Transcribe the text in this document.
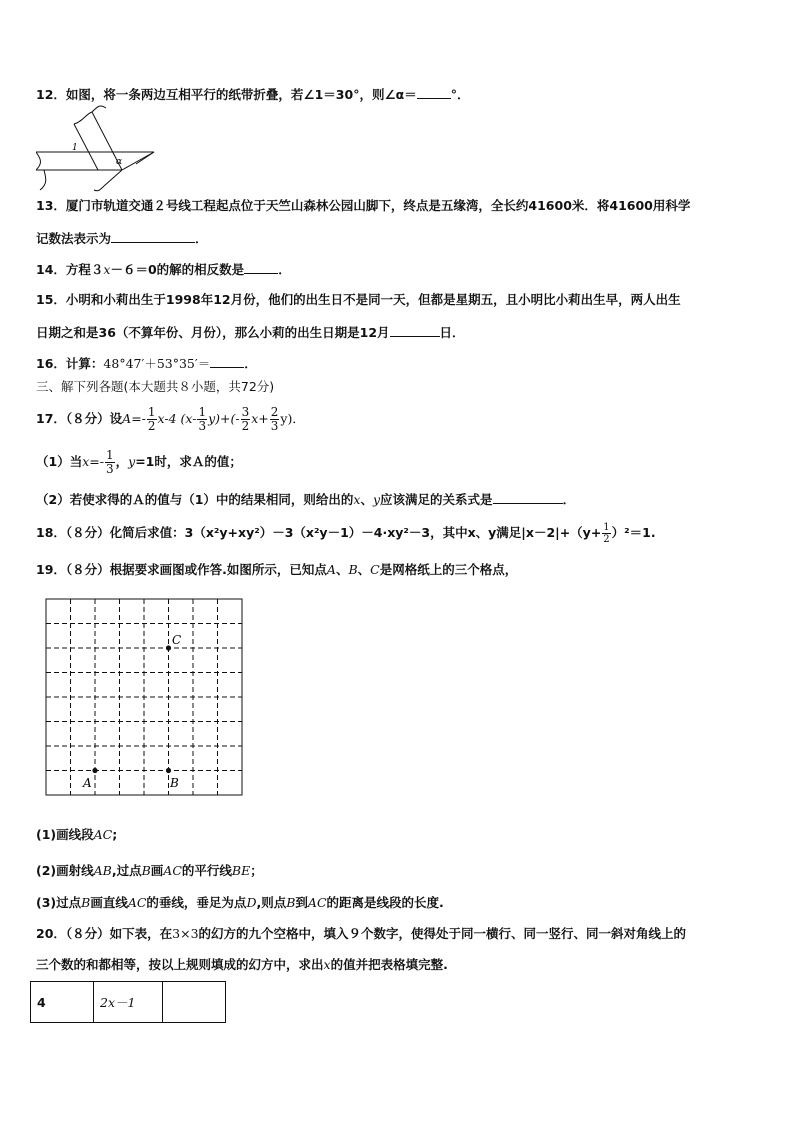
12．如图，将一条两边互相平行的纸带折叠，若∠1＝30°，则∠α＝	°．
1
α
13．厦门市轨道交通２号线工程起点位于天竺山森林公园山脚下，终点是五缘湾，全长约41600米．将41600用科学
记数法表示为	．
14．方程３x－６＝0的解的相反数是	．
15．小明和小莉出生于1998年12月份，他们的出生日不是同一天，但都是星期五，且小明比小莉出生早，两人出生
日期之和是36（不算年份、月份），那么小莉的出生日期是12月	日．
16．计算：48°47′＋53°35′＝	．
三、解下列各题(本大题共８小题，共72分)
17．（８分）设$A=- \frac{1}{2} x-4$ $(x- \frac{1}{3} y)+(- \frac{3}{2} x+ \frac{2}{3} y)$．
（1）当$x=- \frac{1}{3}$ ，y=1时，求Ａ的值；
（2）若使求得的Ａ的值与（1）中的结果相同，则给出的x、y应该满足的关系式是	．
18．（８分）化简后求值：3（x²y+xy²）－3（x²y－1）－4·xy²－3，其中x、y满足$|x-2|+(y+ \frac{1}{2} )^2=1$.
19．（８分）根据要求画图或作答.如图所示，已知点A、B、C是网格纸上的三个格点，
C
A	B
(1)画线段AC;
(2)画射线AB,过点B画AC的平行线BE；
(3)过点B画直线AC的垂线，垂足为点D,则点B到AC的距离是线段的长度.
20．（８分）如下表，在3×3的幻方的九个空格中，填入９个数字，使得处于同一横行、同一竖行、同一斜对角线上的
三个数的和都相等，按以上规则填成的幻方中，求出x的值并把表格填完整.
4	2x－1	
